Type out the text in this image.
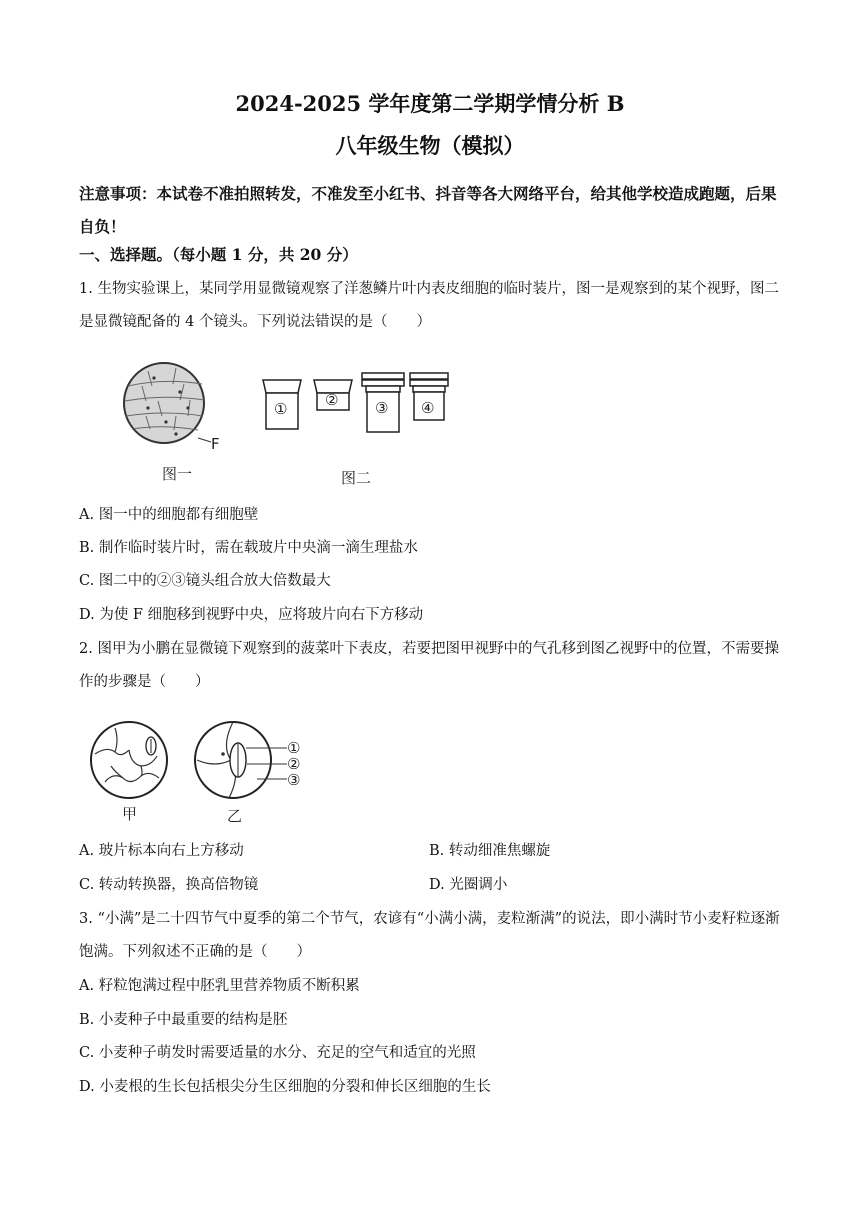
2024-2025 学年度第二学期学情分析 B
八年级生物（模拟）
注意事项：本试卷不准拍照转发，不准发至小红书、抖音等各大网络平台，给其他学校造成跑题，后果自负！
一、选择题。（每小题 1 分，共 20 分）
1. 生物实验课上，某同学用显微镜观察了洋葱鳞片叶内表皮细胞的临时装片，图一是观察到的某个视野，图二是显微镜配备的 4 个镜头。下列说法错误的是（　　）
F
图一
①	② ③ ④
图二
A. 图一中的细胞都有细胞壁
B. 制作临时装片时，需在载玻片中央滴一滴生理盐水
C. 图二中的②③镜头组合放大倍数最大
D. 为使 F 细胞移到视野中央，应将玻片向右下方移动
2. 图甲为小鹏在显微镜下观察到的菠菜叶下表皮，若要把图甲视野中的气孔移到图乙视野中的位置，不需要操作的步骤是（　　）
甲
①
②
③
乙
A. 玻片标本向右上方移动	B. 转动细准焦螺旋
C. 转动转换器，换高倍物镜	D. 光圈调小
3. “小满”是二十四节气中夏季的第二个节气，农谚有“小满小满，麦粒渐满”的说法，即小满时节小麦籽粒逐渐饱满。下列叙述不正确的是（　　）
A. 籽粒饱满过程中胚乳里营养物质不断积累
B. 小麦种子中最重要的结构是胚
C. 小麦种子萌发时需要适量的水分、充足的空气和适宜的光照
D. 小麦根的生长包括根尖分生区细胞的分裂和伸长区细胞的生长
